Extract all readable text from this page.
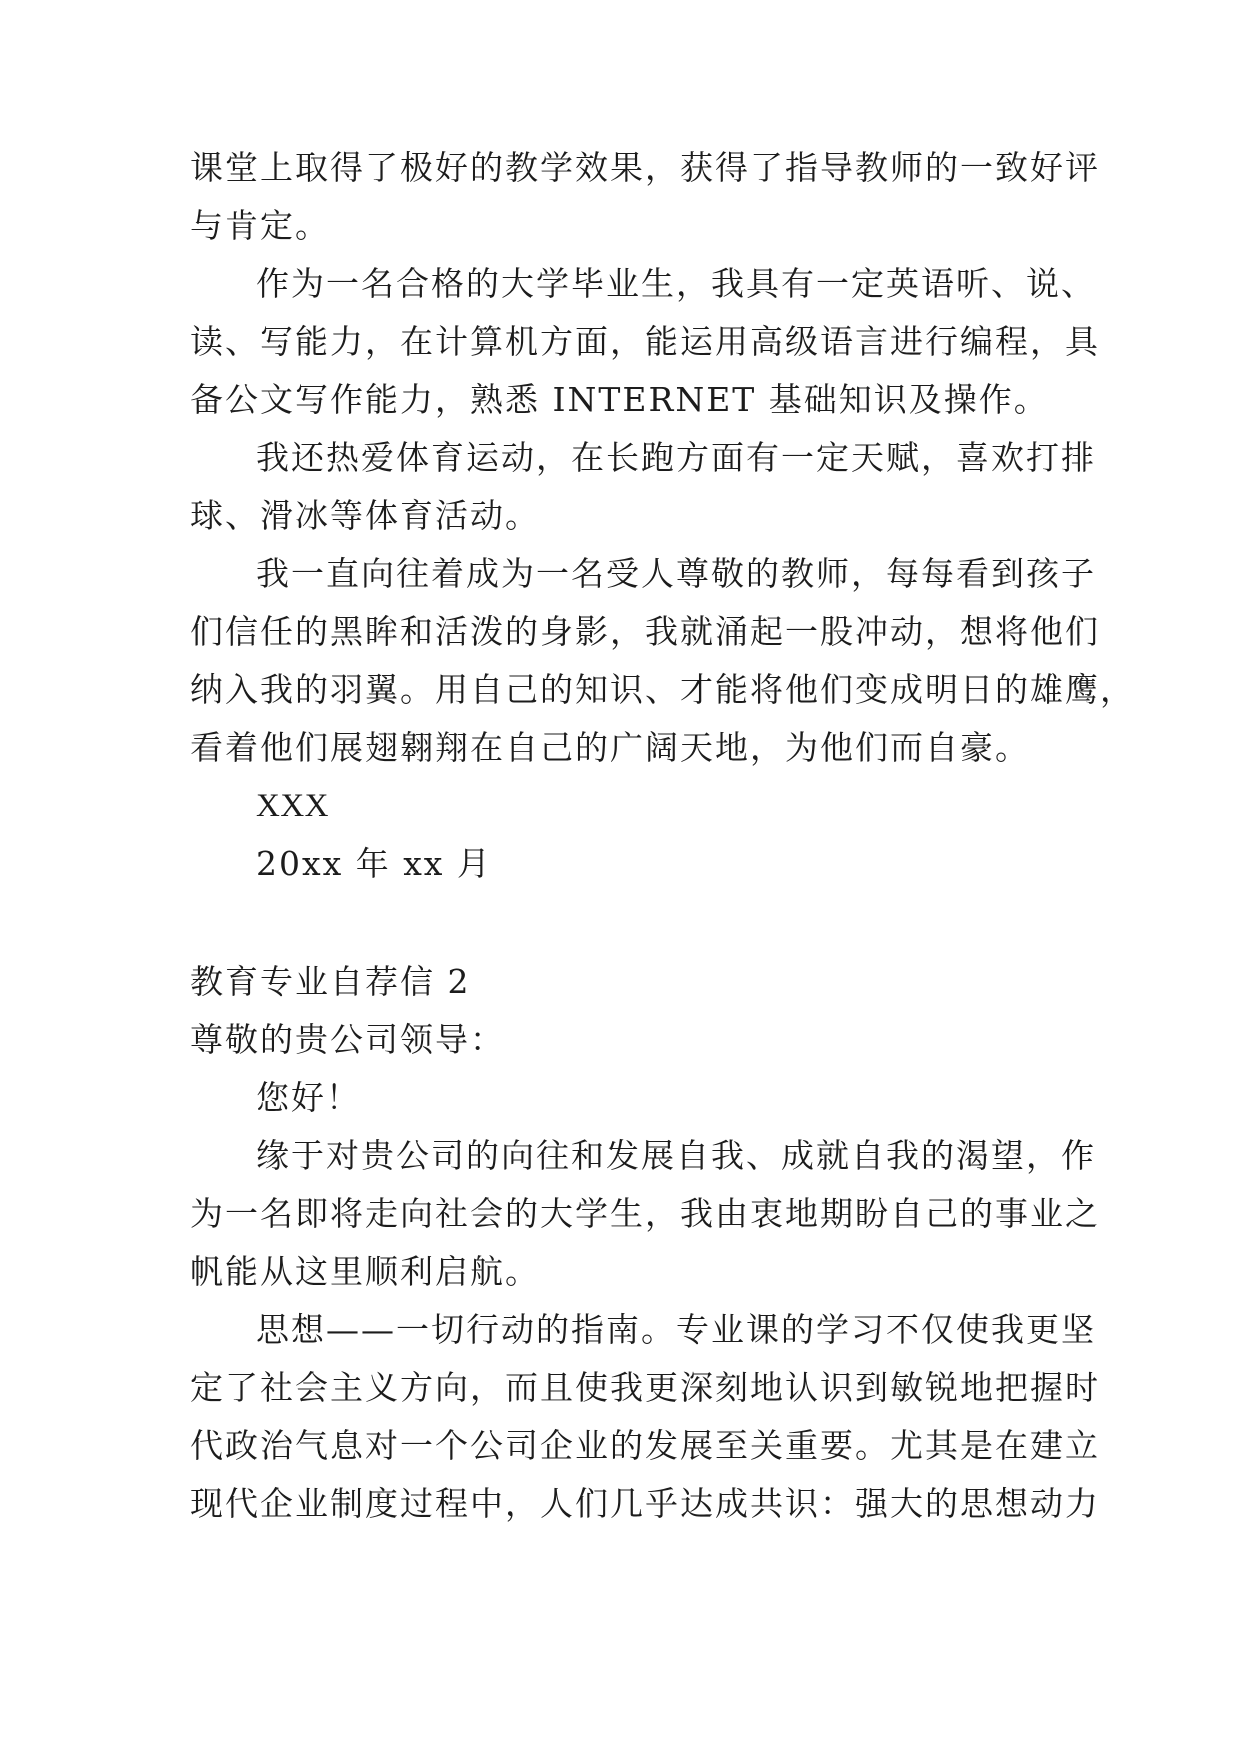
课堂上取得了极好的教学效果，获得了指导教师的一致好评
与肯定。
作为一名合格的大学毕业生，我具有一定英语听、说、
读、写能力，在计算机方面，能运用高级语言进行编程，具
备公文写作能力，熟悉 INTERNET 基础知识及操作。
我还热爱体育运动，在长跑方面有一定天赋，喜欢打排
球、滑冰等体育活动。
我一直向往着成为一名受人尊敬的教师，每每看到孩子
们信任的黑眸和活泼的身影，我就涌起一股冲动，想将他们
纳入我的羽翼。用自己的知识、才能将他们变成明日的雄鹰，
看着他们展翅翱翔在自己的广阔天地，为他们而自豪。
XXX
20xx 年 xx 月
教育专业自荐信 2
尊敬的贵公司领导：
您好！
缘于对贵公司的向往和发展自我、成就自我的渴望，作
为一名即将走向社会的大学生，我由衷地期盼自己的事业之
帆能从这里顺利启航。
思想——一切行动的指南。专业课的学习不仅使我更坚
定了社会主义方向，而且使我更深刻地认识到敏锐地把握时
代政治气息对一个公司企业的发展至关重要。尤其是在建立
现代企业制度过程中，人们几乎达成共识：强大的思想动力
